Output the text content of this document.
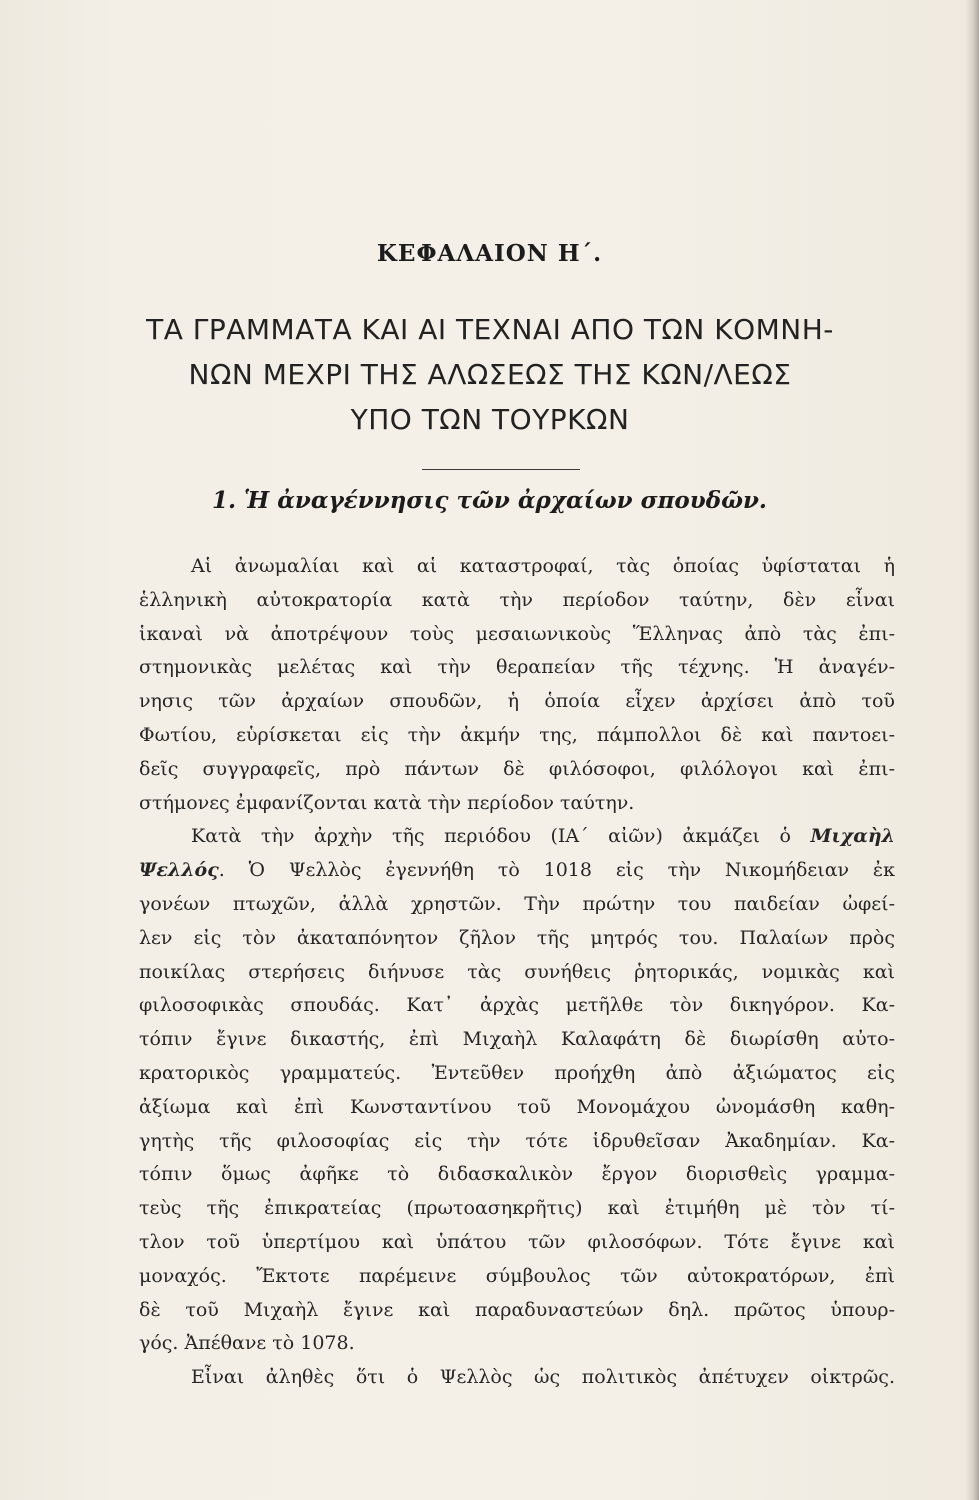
ΚΕΦΑΛΑΙΟΝ Η΄.
ΤΑ ΓΡΑΜΜΑΤΑ ΚΑΙ ΑΙ ΤΕΧΝΑΙ ΑΠΟ ΤΩΝ ΚΟΜΝΗ-
ΝΩΝ ΜΕΧΡΙ ΤΗΣ ΑΛΩΣΕΩΣ ΤΗΣ ΚΩΝ/ΛΕΩΣ
ΥΠΟ ΤΩΝ ΤΟΥΡΚΩΝ
1. Ἡ ἀναγέννησις τῶν ἀρχαίων σπουδῶν.
Αἱ ἀνωμαλίαι καὶ αἱ καταστροφαί, τὰς ὁποίας ὑφίσταται ἡ
ἑλληνικὴ αὐτοκρατορία κατὰ τὴν περίοδον ταύτην, δὲν εἶναι
ἱκαναὶ νὰ ἀποτρέψουν τοὺς μεσαιωνικοὺς Ἕλληνας ἀπὸ τὰς ἐπι-
στημονικὰς μελέτας καὶ τὴν θεραπείαν τῆς τέχνης. Ἡ ἀναγέν-
νησις τῶν ἀρχαίων σπουδῶν, ἡ ὁποία εἶχεν ἀρχίσει ἀπὸ τοῦ
Φωτίου, εὑρίσκεται εἰς τὴν ἀκμήν της, πάμπολλοι δὲ καὶ παντοει-
δεῖς συγγραφεῖς, πρὸ πάντων δὲ φιλόσοφοι, φιλόλογοι καὶ ἐπι-
στήμονες ἐμφανίζονται κατὰ τὴν περίοδον ταύτην.
Κατὰ τὴν ἀρχὴν τῆς περιόδου (ΙΑ΄ αἰῶν) ἀκμάζει ὁ Μιχαὴλ
Ψελλός. Ὁ Ψελλὸς ἐγεννήθη τὸ 1018 εἰς τὴν Νικομήδειαν ἐκ
γονέων πτωχῶν, ἀλλὰ χρηστῶν. Τὴν πρώτην του παιδείαν ὠφεί-
λεν εἰς τὸν ἀκαταπόνητον ζῆλον τῆς μητρός του. Παλαίων πρὸς
ποικίλας στερήσεις διήνυσε τὰς συνήθεις ῥητορικάς, νομικὰς καὶ
φιλοσοφικὰς σπουδάς. Κατ᾽ ἀρχὰς μετῆλθε τὸν δικηγόρον. Κα-
τόπιν ἔγινε δικαστής, ἐπὶ Μιχαὴλ Καλαφάτη δὲ διωρίσθη αὐτο-
κρατορικὸς γραμματεύς. Ἐντεῦθεν προήχθη ἀπὸ ἀξιώματος εἰς
ἀξίωμα καὶ ἐπὶ Κωνσταντίνου τοῦ Μονομάχου ὠνομάσθη καθη-
γητὴς τῆς φιλοσοφίας εἰς τὴν τότε ἱδρυθεῖσαν Ἀκαδημίαν. Κα-
τόπιν ὅμως ἀφῆκε τὸ διδασκαλικὸν ἔργον διορισθεὶς γραμμα-
τεὺς τῆς ἐπικρατείας (πρωτοασηκρῆτις) καὶ ἐτιμήθη μὲ τὸν τί-
τλον τοῦ ὑπερτίμου καὶ ὑπάτου τῶν φιλοσόφων. Τότε ἔγινε καὶ
μοναχός. Ἔκτοτε παρέμεινε σύμβουλος τῶν αὐτοκρατόρων, ἐπὶ
δὲ τοῦ Μιχαὴλ ἔγινε καὶ παραδυναστεύων δηλ. πρῶτος ὑπουρ-
γός. Ἀπέθανε τὸ 1078.
Εἶναι ἀληθὲς ὅτι ὁ Ψελλὸς ὡς πολιτικὸς ἀπέτυχεν οἰκτρῶς.
